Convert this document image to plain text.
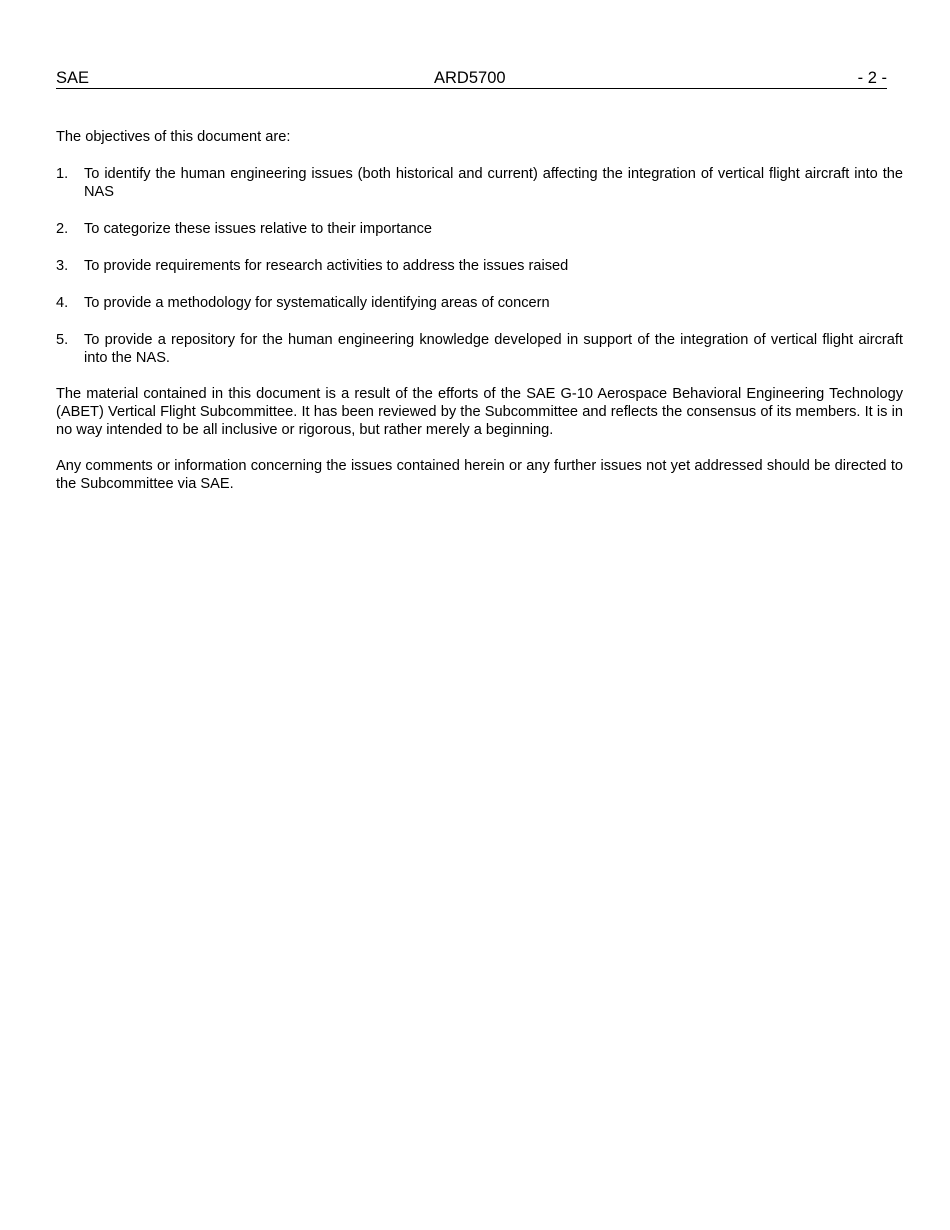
SAE	ARD5700	- 2 -

The objectives of this document are:

1. To identify the human engineering issues (both historical and current) affecting the integration of vertical flight aircraft into the NAS
2. To categorize these issues relative to their importance
3. To provide requirements for research activities to address the issues raised
4. To provide a methodology for systematically identifying areas of concern
5. To provide a repository for the human engineering knowledge developed in support of the integration of vertical flight aircraft into the NAS.

The material contained in this document is a result of the efforts of the SAE G-10 Aerospace Behavioral Engineering Technology (ABET) Vertical Flight Subcommittee. It has been reviewed by the Subcommittee and reflects the consensus of its members. It is in no way intended to be all inclusive or rigorous, but rather merely a beginning.

Any comments or information concerning the issues contained herein or any further issues not yet addressed should be directed to the Subcommittee via SAE.
